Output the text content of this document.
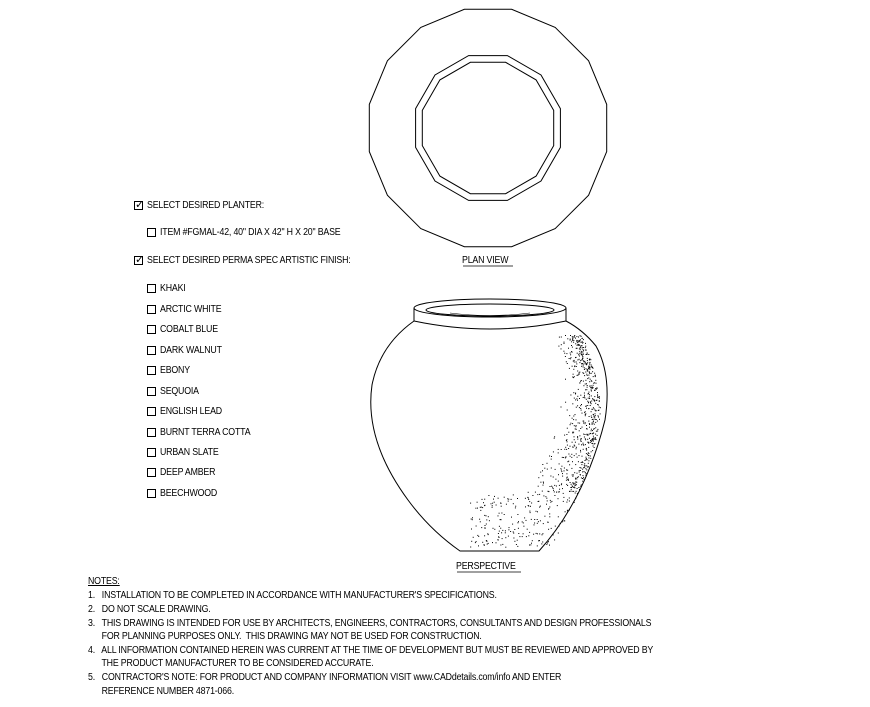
PLAN VIEW
PERSPECTIVE
✓ SELECT DESIRED PLANTER:
ITEM #FGMAL-42, 40" DIA X 42" H X 20" BASE
✓ SELECT DESIRED PERMA SPEC ARTISTIC FINISH:
KHAKI
ARCTIC WHITE
COBALT BLUE
DARK WALNUT
EBONY
SEQUOIA
ENGLISH LEAD
BURNT TERRA COTTA
URBAN SLATE
DEEP AMBER
BEECHWOOD
NOTES:
1.   INSTALLATION TO BE COMPLETED IN ACCORDANCE WITH MANUFACTURER'S SPECIFICATIONS.
2.   DO NOT SCALE DRAWING.
3.   THIS DRAWING IS INTENDED FOR USE BY ARCHITECTS, ENGINEERS, CONTRACTORS, CONSULTANTS AND DESIGN PROFESSIONALS
FOR PLANNING PURPOSES ONLY.  THIS DRAWING MAY NOT BE USED FOR CONSTRUCTION.
4.   ALL INFORMATION CONTAINED HEREIN WAS CURRENT AT THE TIME OF DEVELOPMENT BUT MUST BE REVIEWED AND APPROVED BY
THE PRODUCT MANUFACTURER TO BE CONSIDERED ACCURATE.
5.   CONTRACTOR'S NOTE: FOR PRODUCT AND COMPANY INFORMATION VISIT www.CADdetails.com/info AND ENTER
REFERENCE NUMBER 4871-066.
